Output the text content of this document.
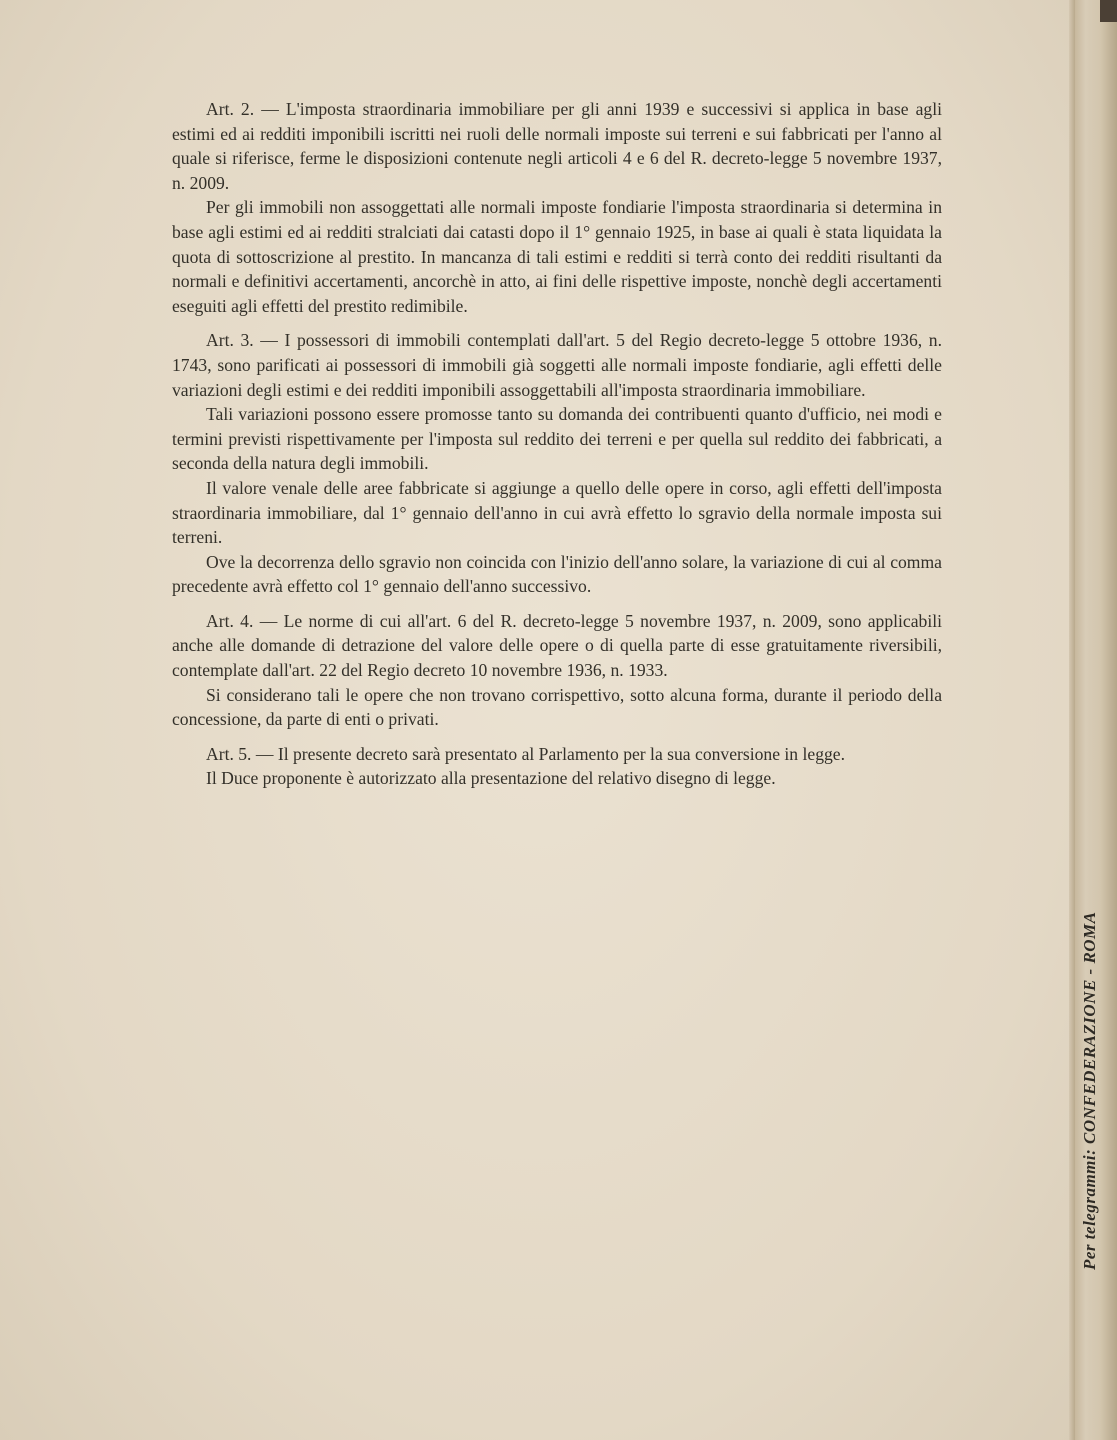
Art. 2. — L'imposta straordinaria immobiliare per gli anni 1939 e successivi si applica in base agli estimi ed ai redditi imponibili iscritti nei ruoli delle normali imposte sui terreni e sui fabbricati per l'anno al quale si riferisce, ferme le disposizioni contenute negli articoli 4 e 6 del R. decreto-legge 5 novembre 1937, n. 2009.

Per gli immobili non assoggettati alle normali imposte fondiarie l'imposta straordinaria si determina in base agli estimi ed ai redditi stralciati dai catasti dopo il 1° gennaio 1925, in base ai quali è stata liquidata la quota di sottoscrizione al prestito. In mancanza di tali estimi e redditi si terrà conto dei redditi risultanti da normali e definitivi accertamenti, ancorchè in atto, ai fini delle rispettive imposte, nonchè degli accertamenti eseguiti agli effetti del prestito redimibile.

Art. 3. — I possessori di immobili contemplati dall'art. 5 del Regio decreto-legge 5 ottobre 1936, n. 1743, sono parificati ai possessori di immobili già soggetti alle normali imposte fondiarie, agli effetti delle variazioni degli estimi e dei redditi imponibili assoggettabili all'imposta straordinaria immobiliare.

Tali variazioni possono essere promosse tanto su domanda dei contribuenti quanto d'ufficio, nei modi e termini previsti rispettivamente per l'imposta sul reddito dei terreni e per quella sul reddito dei fabbricati, a seconda della natura degli immobili.

Il valore venale delle aree fabbricate si aggiunge a quello delle opere in corso, agli effetti dell'imposta straordinaria immobiliare, dal 1° gennaio dell'anno in cui avrà effetto lo sgravio della normale imposta sui terreni.

Ove la decorrenza dello sgravio non coincida con l'inizio dell'anno solare, la variazione di cui al comma precedente avrà effetto col 1° gennaio dell'anno successivo.

Art. 4. — Le norme di cui all'art. 6 del R. decreto-legge 5 novembre 1937, n. 2009, sono applicabili anche alle domande di detrazione del valore delle opere o di quella parte di esse gratuitamente riversibili, contemplate dall'art. 22 del Regio decreto 10 novembre 1936, n. 1933.

Si considerano tali le opere che non trovano corrispettivo, sotto alcuna forma, durante il periodo della concessione, da parte di enti o privati.

Art. 5. — Il presente decreto sarà presentato al Parlamento per la sua conversione in legge.

Il Duce proponente è autorizzato alla presentazione del relativo disegno di legge.

Per telegrammi: CONFEDERAZIONE - ROMA
